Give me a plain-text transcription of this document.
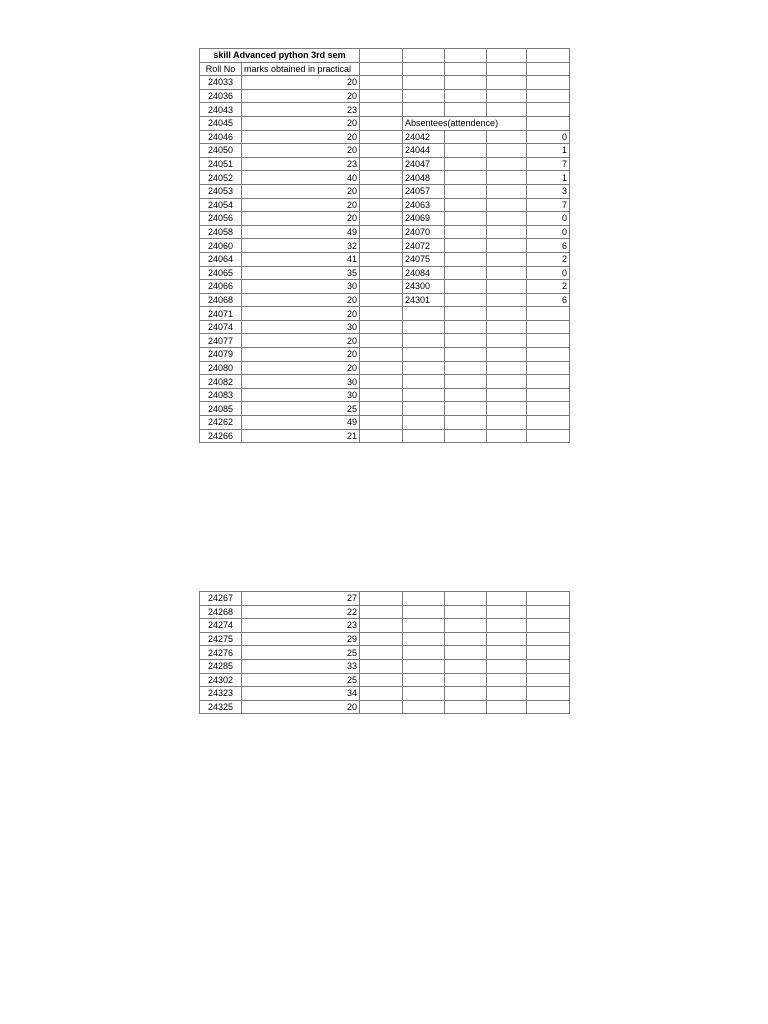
skill Advanced python 3rd sem						
Roll No	marks obtained in practical					
24033	20					
24036	20					
24043	23					
24045	20		Absentees(attendence)			
24046	20		24042			0
24050	20		24044			1
24051	23		24047			7
24052	40		24048			1
24053	20		24057			3
24054	20		24063			7
24056	20		24069			0
24058	49		24070			0
24060	32		24072			6
24064	41		24075			2
24065	35		24084			0
24066	30		24300			2
24068	20		24301			6
24071	20					
24074	30					
24077	20					
24079	20					
24080	20					
24082	30					
24083	30					
24085	25					
24262	49					
24266	21					
24267	27					
24268	22					
24274	23					
24275	29					
24276	25					
24285	33					
24302	25					
24323	34					
24325	20					
